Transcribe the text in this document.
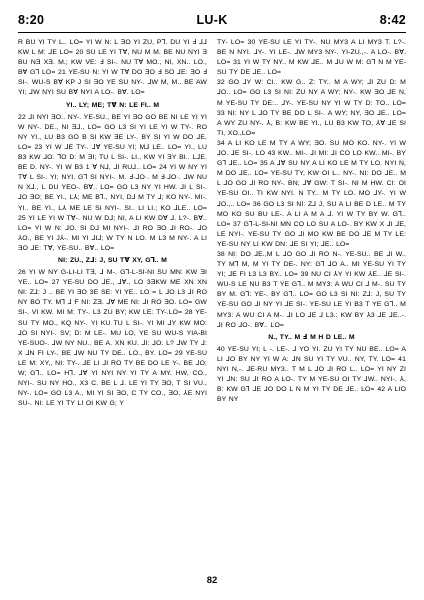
8:20	LU-K	8:42

R BU YI TY L.. LO= YI W N: L ƎO YI ZU, P⅂. DU YI Ⅎ ⅃⅃ KW L M: ⅃E LO= 20 SU LE YI TⱯ, NU M M. BE NU NYI Ǝ BU NƎ XƎ. M.; KW VE: Ⅎ SI-. NU TⱯ MO., NI, XN.. LO., BⱯ G⅂ LO= 21 YE-SU N: YI W TⱯ DO ƎO Ⅎ SO ⅃E: ƎO Ⅎ SI-. WU-S BⱯ KP J SI ƎO YE SU NY-. ⅃W M, M.. BE AW YI; ⅃W NYI SU BⱯ NYI A LO-. BⱯ. LO=

YI.. LY; ME; TⱯ N: LE FI.. M

22 ⅃I NYI ƎO.. NY-. YE-SU., BE YI ƎO GO BE NI LE YI YI W NY-. DE., NI Ǝ⅃., LO= GO L3 SI YI LE YI W TY-. RO NY YI., LU B3 GO B SI KW ƎE LY-. BY SI YI W DO ⅃E. LO= 23 YI W ⅃E TY-. ⅃Ɐ YE-SU YI; M⅃ LE.. LO= YI., LU B3 KW ⅃O. ⅂O D: M ƎI; TU L SI-. LI., KW YI ƎY BI.. L⅃E. BE D. NY-. YI W B3 1 Ɐ N⅃, ⅃I RU⅃.. LO= 24 YI W NY YI TⱯ L SI-. YI; NYI. G⅂ SI NYI-. M. Ⅎ·⅃O·. M Ⅎ·⅃O·. ⅃W NU N X⅃., L DU YEO-. BⱯ.. LO= GO L3 NY YI HW. ⅃I L SI-. ⅃O ƎO; BE YI., L⅄; ME B⅂., NYI, D⅃ M TY ⅃; KO NY-. MI-. YI.. BE YI., L⅄ ME LE SI NYI-. SI.. LI LI.; KO ⅃LE.. LO= 25 YI LE YI W TⱯ-. NU W D⅃; NI, A LI KW DⱯ ⅃. L?-. BⱯ.. LO= YI W N: ⅃O. SI D⅃ MI NYI-. ⅃I RO ƎO ⅃I RO-. ⅃O ⅄O., BE YI J⅄-. MI YI ⅃I⅃; W TY N LO. M L3 M NY-. A LI ƎO ⅃E: TⱯ, YE-SU.. BⱯ.. LO=

NI: ZU., Z⅃: J, SU TⱯ XY, G⅂.. M

26 YI W NY G-LI-LI TƎ, ⅃ M-. G⅂-L-SI-NI SU MN: KW ƎI YE.. LO= 27 YE-SU DO ⅃E., ⅃Ɐ., LO 3ƎKW ME XN XN NI: Z⅃: J .. BE YI ƎO 3E SE: YI YE.. LO = L ⅃O L3 ⅃I RO NY BO TY. M⅂ ⅃ F NI: ZƎ. ⅃Ɐ ME NI: ⅃I RO ƎO. LO= GW SI-. VI KW. MI M: TY-. L3 ZU BY; KW LE: TY-.LO= 28 YE-SU TY MO., KQ NY-. YI KU TU L SI-. YI MI ⅃Y KW MO: ⅃O SI NYI-. SV; D: M LE-. MU LO, YE SU WU-S YIA-BI YE-SUO-. ⅃W NY NU.. BE A. XN KU. ⅃I: ⅃O. L? ⅃W TY ⅃: X ⅃N FI LY-. BE ⅃W NU TY DE.. LO., BY. LO= 29 YE-SU LE M: XY,, NI: TY-. ⅃E LI ⅃I RO TY BE DO LE Y-. BE ⅃O; W; G⅂.. LO= H⅂. ⅃Ɐ YI NYI NY YI TY A MY. HW, CO., NYI-. SU NY HO., X3 C. BE L ⅃. LE YI TY ƎO, T SI VU., NY-. LO= GO L3 A., MI YI SI ƎO, C TY CO., ƎO, ⅄E NYI SU-. NI: LE YI TY LI OI KW G; Y

TY- LO= 30 YE-SU LE YI TY-. NU MY3 A LI MY3 T. L?-. BE N NYI. ⅃Y-. YI LE-. ⅃W MY3 NY-. YI-ZU.,-. A LO-. BⱯ. LO= 31 YI W TY NY.. M KW ⅃E.. M ⅃U W M: G⅂ N M YE-SU TY DE ⅃E.. LO=

32 GO ⅃Y W: CI.. KW G.. Z: TY.. M A WY; ⅃I ZU D: M ⅃O.. LO= GO L3 SI NI: ZU NY A WY; NY-. KW ƎO ⅃E N, M YE-SU TY DE:.. ⅃Y-. YE-SU NY YI W TY D: TO.. LO= 33 NI: NY L ⅃O TY BE DO L SI-. A WY; NY, ƎO ⅃E.. LO= A WY ZU NY-. ⅄, B: KW BE YI., LU B3 KW TO, ⅄Ɐ ⅃E SI TI, XO.,LO=

34 A LI KO LE M TY A WY; ƎO. SU MO KO. NY-. YI W ⅃O. ⅃E SI-. LO 43 KW.. MI-. ⅃I MI: ⅃I CO LO KW.. MI-. BY G⅂ ⅃E.. LO= 35 A ⅃Ɐ SU NY A LI KO LE M TY LO. NYI N, M DO ⅃E.. LO= YE-SU TY, KW OI L.. NY-. NI: DO ⅃E.. M L ⅃O GO ⅃I RO NY-. BN; ⅃Ɐ GW: T SI-. NI M HW. CI: OI YE-SU OI.. TI KW NYI. N TY.. M TY LO. MO ⅃Y-. YI W ⅃O.,.. LO= 36 GO L3 SI NI: Z⅃ J, SU A LI BE D LE.. M TY MO KO SU BU LE-. A LI A M A ⅃. YI W TY BY W. G⅂.. LO= 37 G⅂-L-SI-NI MN CO LO SU A LO-. BY KW X ⅃I ⅃E, LE NYI-. YE-SU TY GO ⅃I MO KW BE DO ⅃E M TY LE: YE-SU NY LI KW DN: ⅃E SI YI; ⅃E.. LO=

38 NI: DO ⅃E.,M L ⅃O GO ⅃I RO N-. YE-SU.. BE ⅃I W.. TY M⅂ M, M YI TY DE-. NY: G⅂ ⅃O A.. MI YE-SU YI TY YI; ⅃E FI L3 L3 BY.. LO= 39 NU CI ⅄Y YI KW ⅄E.. ⅃E SI-. WU-S LE NU B3 T YE G⅂.. M MY3: A WU CI ⅃ M-. SU TY BY M. G⅂: YE-. BY G⅂.. LO= GO L3 SI NI: Z⅃: J, SU TY YE-SU GO ⅃I NY YI ⅃E SI-. YE-SU LE YI B3 T YE G⅂.. M MY3: A WU CI A M-. ⅃I LO ⅃E ⅃ L3.: KW BY ⅄3 ⅃E ⅃E..-. ⅃I RO ⅃O-. BⱯ.. LO=

N., TY.. M Ⅎ M H D LE.. M

40 YE-SU YI; L -. LE-. ⅃ YO YI. ZU YI TY NU BE.. LO= A LI ⅃O BY NY YI W A: ⅃N SU YI TY VU.. NY, TY. LO= 41 NYI N,-. ⅃E-RU MY3.. T M L ⅃O ⅃I RO L.. LO= YI NY ZI YI ⅃N: SU ⅃I RO A LO-. TY M YE-SU OI TY ⅃W.. NYI-. ⅄, B: KW G⅂ ⅃E ⅃O DO L N M YI TY DE ⅃E.. LO= 42 A LIO BY NY

82
